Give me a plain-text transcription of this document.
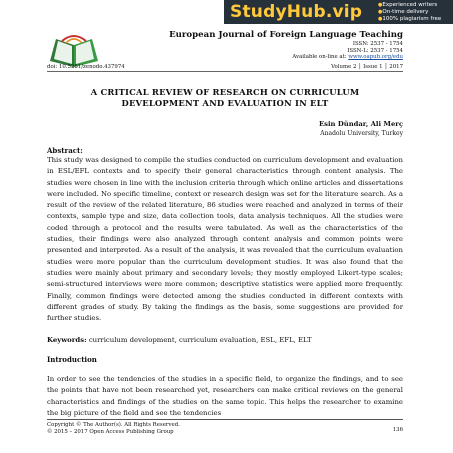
StudyHub.vip
●	Experienced writers
● On-time delivery
● 100% plagiarism free
European Journal of Foreign Language Teaching
ISSN: 2537 - 1754
ISSN-L: 2537 - 1754
Available on-line at: www.oapub.org/edu
doi: 10.5281/zenodo.437974	Volume 2 │ Issue 1 │ 2017
A CRITICAL REVIEW OF RESEARCH ON CURRICULUM
DEVELOPMENT AND EVALUATION IN ELT
Esin Dündar, Ali Merç
Anadolu University, Turkey
Abstract:
This study was designed to compile the studies conducted on curriculum development and evaluation in ESL/EFL contexts and to specify their general characteristics through content analysis. The studies were chosen in line with the inclusion criteria through which online articles and dissertations were included. No specific timeline, context or research design was set for the literature search. As a result of the review of the related literature, 86 studies were reached and analyzed in terms of their contexts, sample type and size, data collection tools, data analysis techniques. All the studies were coded through a protocol and the results were tabulated. As well as the characteristics of the studies, their findings were also analyzed through content analysis and common points were presented and interpreted. As a result of the analysis, it was revealed that the curriculum evaluation studies were more popular than the curriculum development studies. It was also found that the studies were mainly about primary and secondary levels; they mostly employed Likert-type scales; semi-structured interviews were more common; descriptive statistics were applied more frequently. Finally, common findings were detected among the studies conducted in different contexts with different grades of study. By taking the findings as the basis, some suggestions are provided for further studies.
Keywords: curriculum development, curriculum evaluation, ESL, EFL, ELT
Introduction
In order to see the tendencies of the studies in a specific field, to organize the findings, and to see the points that have not been researched yet, researchers can make critical reviews on the general characteristics and findings of the studies on the same topic. This helps the researcher to examine the big picture of the field and see the tendencies
Copyright © The Author(s). All Rights Reserved.
© 2015 – 2017 Open Access Publishing Group	136
